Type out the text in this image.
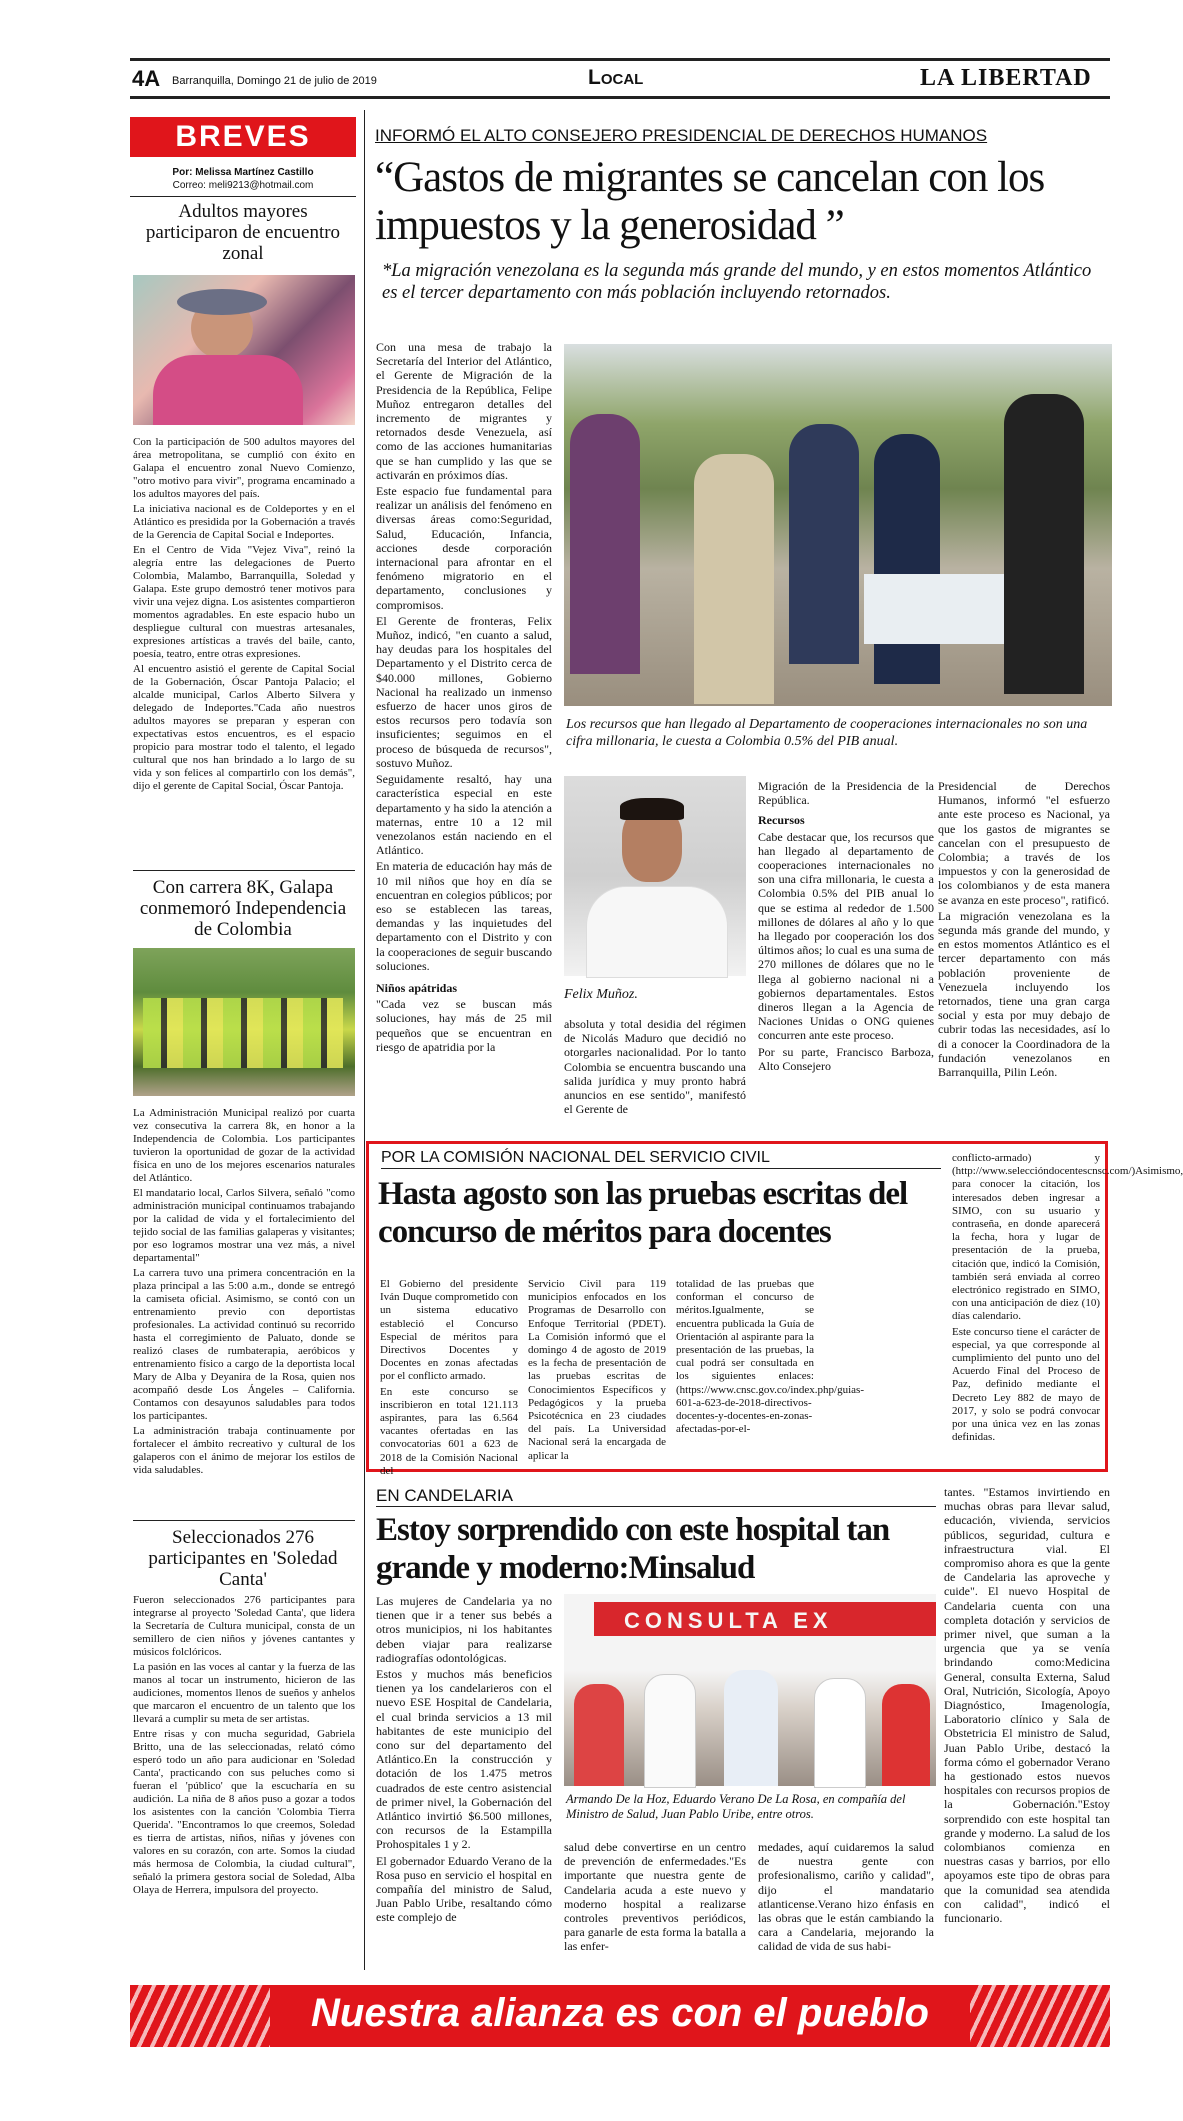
4A Barranquilla, Domingo 21 de julio de 2019	Local	LA LIBERTAD
BREVES
Por: Melissa Martínez Castillo
Correo: meli9213@hotmail.com
Adultos mayores participaron de encuentro zonal

Con la participación de 500 adultos mayores del área metropolitana, se cumplió con éxito en Galapa el encuentro zonal Nuevo Comienzo, "otro motivo para vivir", programa encaminado a los adultos mayores del país.

La iniciativa nacional es de Coldeportes y en el Atlántico es presidida por la Gobernación a través de la Gerencia de Capital Social e Indeportes.

En el Centro de Vida "Vejez Viva", reinó la alegría entre las delegaciones de Puerto Colombia, Malambo, Barranquilla, Soledad y Galapa. Este grupo demostró tener motivos para vivir una vejez digna. Los asistentes compartieron momentos agradables. En este espacio hubo un despliegue cultural con muestras artesanales, expresiones artísticas a través del baile, canto, poesía, teatro, entre otras expresiones.

Al encuentro asistió el gerente de Capital Social de la Gobernación, Óscar Pantoja Palacio; el alcalde municipal, Carlos Alberto Silvera y delegado de Indeportes."Cada año nuestros adultos mayores se preparan y esperan con expectativas estos encuentros, es el espacio propicio para mostrar todo el talento, el legado cultural que nos han brindado a lo largo de su vida y son felices al compartirlo con los demás", dijo el gerente de Capital Social, Óscar Pantoja.

Con carrera 8K, Galapa conmemoró Independencia de Colombia

La Administración Municipal realizó por cuarta vez consecutiva la carrera 8k, en honor a la Independencia de Colombia. Los participantes tuvieron la oportunidad de gozar de la actividad física en uno de los mejores escenarios naturales del Atlántico.

El mandatario local, Carlos Silvera, señaló "como administración municipal continuamos trabajando por la calidad de vida y el fortalecimiento del tejido social de las familias galaperas y visitantes; por eso logramos mostrar una vez más, a nivel departamental"

La carrera tuvo una primera concentración en la plaza principal a las 5:00 a.m., donde se entregó la camiseta oficial. Asimismo, se contó con un entrenamiento previo con deportistas profesionales. La actividad continuó su recorrido hasta el corregimiento de Paluato, donde se realizó clases de rumbaterapia, aeróbicos y entrenamiento físico a cargo de la deportista local Mary de Alba y Deyanira de la Rosa, quien nos acompañó desde Los Ángeles – California. Contamos con desayunos saludables para todos los participantes.

La administración trabaja continuamente por fortalecer el ámbito recreativo y cultural de los galaperos con el ánimo de mejorar los estilos de vida saludables.

Seleccionados 276 participantes en 'Soledad Canta'

Fueron seleccionados 276 participantes para integrarse al proyecto 'Soledad Canta', que lidera la Secretaría de Cultura municipal, consta de un semillero de cien niños y jóvenes cantantes y músicos folclóricos.

La pasión en las voces al cantar y la fuerza de las manos al tocar un instrumento, hicieron de las audiciones, momentos llenos de sueños y anhelos que marcaron el encuentro de un talento que los llevará a cumplir su meta de ser artistas.

Entre risas y con mucha seguridad, Gabriela Britto, una de las seleccionadas, relató cómo esperó todo un año para audicionar en 'Soledad Canta', practicando con sus peluches como si fueran el 'público' que la escucharía en su audición. La niña de 8 años puso a gozar a todos los asistentes con la canción 'Colombia Tierra Querida'. "Encontramos lo que creemos, Soledad es tierra de artistas, niños, niñas y jóvenes con valores en su corazón, con arte. Somos la ciudad más hermosa de Colombia, la ciudad cultural", señaló la primera gestora social de Soledad, Alba Olaya de Herrera, impulsora del proyecto.

INFORMÓ EL ALTO CONSEJERO PRESIDENCIAL DE DERECHOS HUMANOS
“Gastos de migrantes se cancelan con los impuestos y la generosidad ”
*La migración venezolana es la segunda más grande del mundo, y en estos momentos Atlántico es el tercer departamento con más población incluyendo retornados.

Con una mesa de trabajo la Secretaría del Interior del Atlántico, el Gerente de Migración de la Presidencia de la República, Felipe Muñoz entregaron detalles del incremento de migrantes y retornados desde Venezuela, así como de las acciones humanitarias que se han cumplido y las que se activarán en próximos días.

Este espacio fue fundamental para realizar un análisis del fenómeno en diversas áreas como:Seguridad, Salud, Educación, Infancia, acciones desde corporación internacional para afrontar en el fenómeno migratorio en el departamento, conclusiones y compromisos.

El Gerente de fronteras, Felix Muñoz, indicó, "en cuanto a salud, hay deudas para los hospitales del Departamento y el Distrito cerca de $40.000 millones, Gobierno Nacional ha realizado un inmenso esfuerzo de hacer unos giros de estos recursos pero todavía son insuficientes; seguimos en el proceso de búsqueda de recursos", sostuvo Muñoz.

Seguidamente resaltó, hay una característica especial en este departamento y ha sido la atención a maternas, entre 10 a 12 mil venezolanos están naciendo en el Atlántico.

En materia de educación hay más de 10 mil niños que hoy en día se encuentran en colegios públicos; por eso se establecen las tareas, demandas y las inquietudes del departamento con el Distrito y con la cooperaciones de seguir buscando soluciones.

Niños apátridas

"Cada vez se buscan más soluciones, hay más de 25 mil pequeños que se encuentran en riesgo de apatridia por la

Los recursos que han llegado al Departamento de cooperaciones internacionales no son una cifra millonaria, le cuesta a Colombia 0.5% del PIB anual.
Felix Muñoz.

absoluta y total desidia del régimen de Nicolás Maduro que decidió no otorgarles nacionalidad. Por lo tanto Colombia se encuentra buscando una salida jurídica y muy pronto habrá anuncios en ese sentido", manifestó el Gerente de

Migración de la Presidencia de la República.

Recursos

Cabe destacar que, los recursos que han llegado al departamento de cooperaciones internacionales no son una cifra millonaria, le cuesta a Colombia 0.5% del PIB anual lo que se estima al rededor de 1.500 millones de dólares al año y lo que ha llegado por cooperación los dos últimos años; lo cual es una suma de 270 millones de dólares que no le llega al gobierno nacional ni a gobiernos departamentales. Estos dineros llegan a la Agencia de Naciones Unidas o ONG quienes concurren ante este proceso.

Por su parte, Francisco Barboza, Alto Consejero

Presidencial de Derechos Humanos, informó "el esfuerzo ante este proceso es Nacional, ya que los gastos de migrantes se cancelan con el presupuesto de Colombia; a través de los impuestos y con la generosidad de los colombianos y de esta manera se avanza en este proceso", ratificó.

La migración venezolana es la segunda más grande del mundo, y en estos momentos Atlántico es el tercer departamento con más población proveniente de Venezuela incluyendo los retornados, tiene una gran carga social y esta por muy debajo de cubrir todas las necesidades, así lo di a conocer la Coordinadora de la fundación venezolanos en Barranquilla, Pilin León.

POR LA COMISIÓN NACIONAL DEL SERVICIO CIVIL
Hasta agosto son las pruebas escritas del concurso de méritos para docentes

El Gobierno del presidente Iván Duque comprometido con un sistema educativo estableció el Concurso Especial de méritos para Directivos Docentes y Docentes en zonas afectadas por el conflicto armado.

En este concurso se inscribieron en total 121.113 aspirantes, para las 6.564 vacantes ofertadas en las convocatorias 601 a 623 de 2018 de la Comisión Nacional del

Servicio Civil para 119 municipios enfocados en los Programas de Desarrollo con Enfoque Territorial (PDET). La Comisión informó que el domingo 4 de agosto de 2019 es la fecha de presentación de las pruebas escritas de Conocimientos Específicos y Pedagógicos y la prueba Psicotécnica en 23 ciudades del país. La Universidad Nacional será la encargada de aplicar la

totalidad de las pruebas que conforman el concurso de méritos.Igualmente, se encuentra publicada la Guía de Orientación al aspirante para la presentación de las pruebas, la cual podrá ser consultada en los siguientes enlaces: (https://www.cnsc.gov.co/index.php/guias-601-a-623-de-2018-directivos-docentes-y-docentes-en-zonas-afectadas-por-el-

conflicto-armado) y (http://www.seleccióndocentescnsc.com/)Asimismo, para conocer la citación, los interesados deben ingresar a SIMO, con su usuario y contraseña, en donde aparecerá la fecha, hora y lugar de presentación de la prueba, citación que, indicó la Comisión, también será enviada al correo electrónico registrado en SIMO, con una anticipación de diez (10) días calendario.

Este concurso tiene el carácter de especial, ya que corresponde al cumplimiento del punto uno del Acuerdo Final del Proceso de Paz, definido mediante el Decreto Ley 882 de mayo de 2017, y solo se podrá convocar por una única vez en las zonas definidas.

EN CANDELARIA
Estoy sorprendido con este hospital tan grande y moderno:Minsalud

Las mujeres de Candelaria ya no tienen que ir a tener sus bebés a otros municipios, ni los habitantes deben viajar para realizarse radiografías odontológicas.

Estos y muchos más beneficios tienen ya los candelarieros con el nuevo ESE Hospital de Candelaria, el cual brinda servicios a 13 mil habitantes de este municipio del cono sur del departamento del Atlántico.En la construcción y dotación de los 1.475 metros cuadrados de este centro asistencial de primer nivel, la Gobernación del Atlántico invirtió $6.500 millones, con recursos de la Estampilla Prohospitales 1 y 2.

El gobernador Eduardo Verano de la Rosa puso en servicio el hospital en compañía del ministro de Salud, Juan Pablo Uribe, resaltando cómo este complejo de

CONSULTA EX
Armando De la Hoz, Eduardo Verano De La Rosa, en compañía del Ministro de Salud, Juan Pablo Uribe, entre otros.

salud debe convertirse en un centro de prevención de enfermedades."Es importante que nuestra gente de Candelaria acuda a este nuevo y moderno hospital a realizarse controles preventivos periódicos, para ganarle de esta forma la batalla a las enfer-

medades, aquí cuidaremos la salud de nuestra gente con profesionalismo, cariño y calidad", dijo el mandatario atlanticense.Verano hizo énfasis en las obras que le están cambiando la cara a Candelaria, mejorando la calidad de vida de sus habi-

tantes. "Estamos invirtiendo en muchas obras para llevar salud, educación, vivienda, servicios públicos, seguridad, cultura e infraestructura vial. El compromiso ahora es que la gente de Candelaria las aproveche y cuide". El nuevo Hospital de Candelaria cuenta con una completa dotación y servicios de primer nivel, que suman a la urgencia que ya se venía brindando como:Medicina General, consulta Externa, Salud Oral, Nutrición, Sicología, Apoyo Diagnóstico, Imagenología, Laboratorio clínico y Sala de Obstetricia El ministro de Salud, Juan Pablo Uribe, destacó la forma cómo el gobernador Verano ha gestionado estos nuevos hospitales con recursos propios de la Gobernación."Estoy sorprendido con este hospital tan grande y moderno. La salud de los colombianos comienza en nuestras casas y barrios, por ello apoyamos este tipo de obras para que la comunidad sea atendida con calidad", indicó el funcionario.

Nuestra alianza es con el pueblo
